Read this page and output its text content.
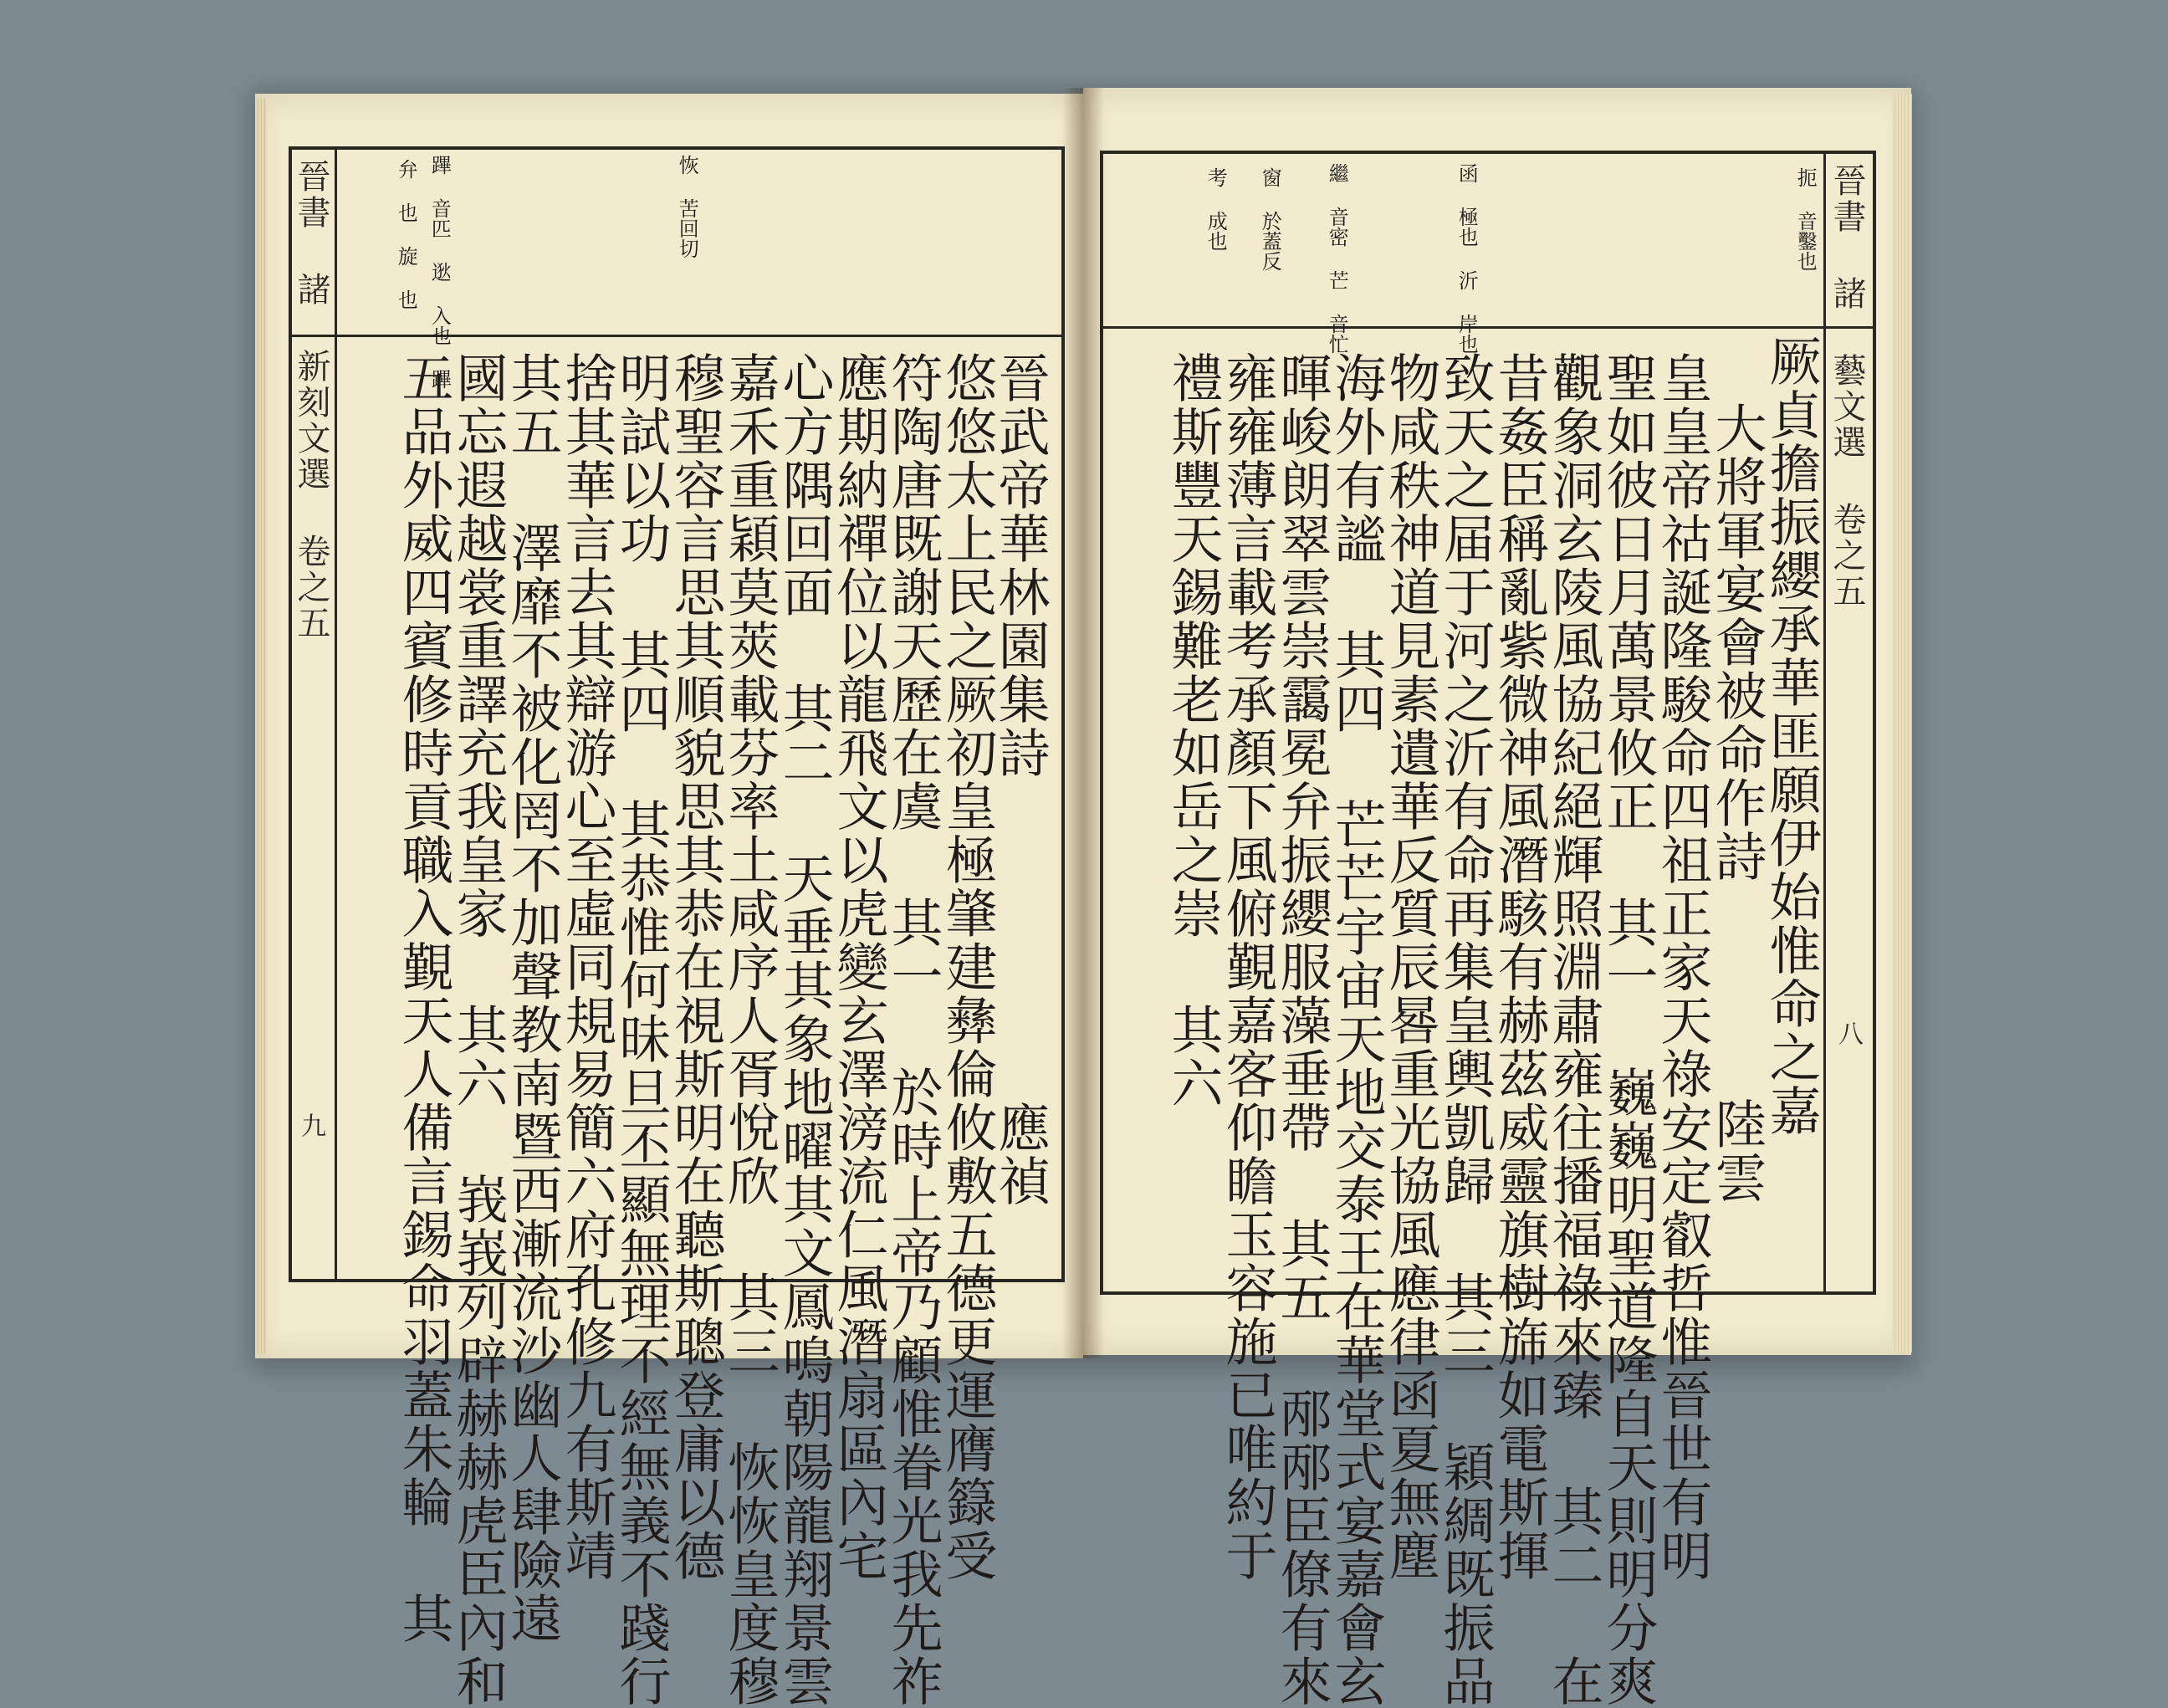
晉書 諸 新刻文選 卷之五
九
蹕 音匹 逖 入也 蹕
弁 也 旋 也	恢 苦回切
晉武帝華林園集詩　　　　　　應禎
悠悠太上民之厥初皇極肇建彝倫攸敷五德更運膺籙受
符陶唐既謝天歷在虞 其一 於時上帝乃顧惟眷光我先祚
應期納禪位以龍飛文以虎變玄澤滂流仁風潛扇區內宅
心方隅回面 其二 天垂其象地曜其文鳳鳴朝陽龍翔景雲
嘉禾重穎莫莢載芬率土咸序人胥悅欣 其三 恢恢皇度穆
穆聖容言思其順貌思其恭在視斯明在聽斯聰登庸以德
明試以功 其四 其恭惟何昧旦丕顯無理不經無義不踐行
捨其華言去其辯游心至虛同規易簡六府孔修九有斯靖
其五 澤靡不被化罔不加聲教南暨西漸流沙幽人肆險遠
國忘遐越裳重譯充我皇家 其六 峩峩列辟赫赫虎臣內和
五品外威四賓修時貢職入覲天人備言錫命羽蓋朱輪 其	晉書 諸 藝文選 卷之五
八
扼 音鑿也
函 極也 沂 岸也
繼 音密 芒 音忙
窗 於蓋反
考 成也
厥貞擔振纓承華匪願伊始惟命之嘉
大將軍宴會被命作詩　　　　陸雲
皇皇帝祜誕隆駿命四祖正家天祿安定叡哲惟晉世有明
聖如彼日月萬景攸正 其一 巍巍明聖道隆自天則明分爽
觀象洞玄陵風協紀絕輝照淵肅雍往播福祿來臻 其二 在
昔姦臣稱亂紫微神風潛駭有赫茲威靈旗樹旆如電斯揮
致天之届于河之沂有命再集皇輿凱歸 其三 穎綢既振品
物咸秩神道見素遺華反質辰晷重光協風應律函夏無塵
海外有謐 其四 芒芒宇宙天地交泰王在華堂式宴嘉會玄
暉峻朗翠雲崇靄冕弁振纓服藻垂帶 其五 邴邴臣僚有來
雍雍薄言載考承顏下風俯覲嘉客仰瞻玉容施已唯約于
禮斯豐天錫難老如岳之崇 其六
